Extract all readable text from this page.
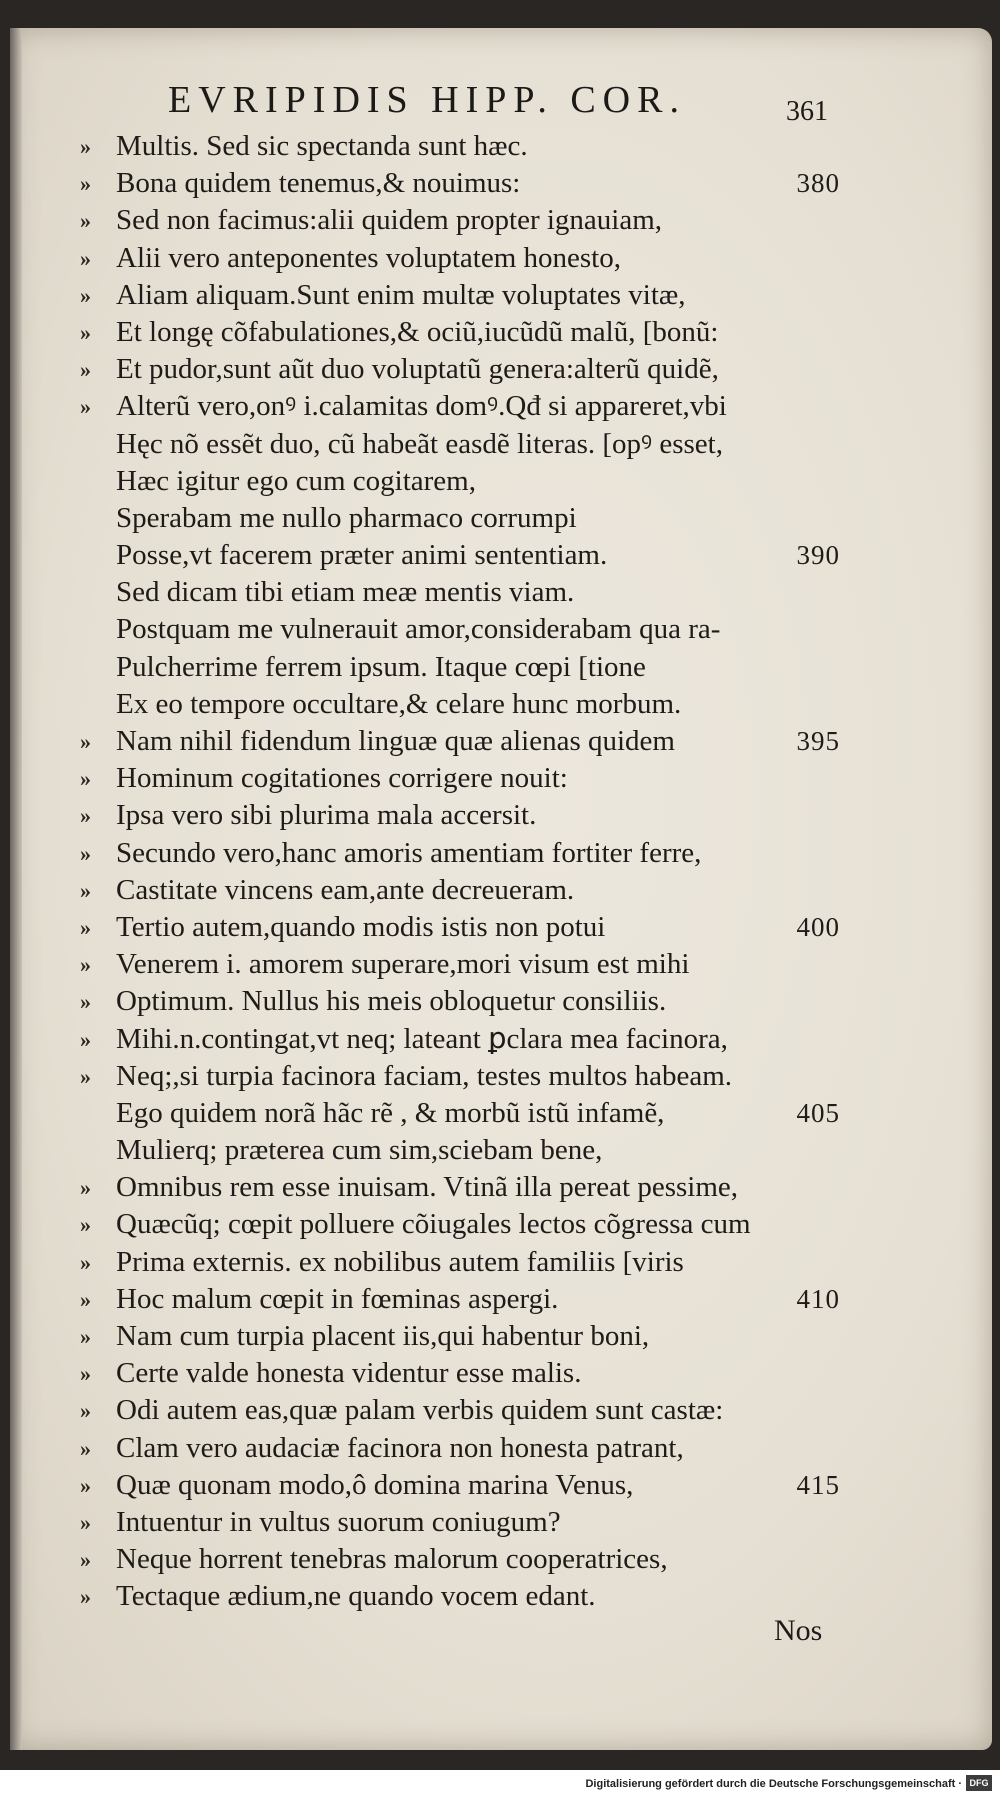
EVRIPIDIS HIPP. COR.	361
» Multis. Sed sic spectanda sunt hæc.
» Bona quidem tenemus,& nouimus:	380
» Sed non facimus:alii quidem propter ignauiam,
» Alii vero anteponentes voluptatem honesto,
» Aliam aliquam.Sunt enim multæ voluptates vitæ,
» Et longę cõfabulationes,& ociũ,iucũdũ malũ, [bonũ:
» Et pudor,sunt aũt duo voluptatũ genera:alterũ quidẽ,
» Alterũ vero,onꝰ i.calamitas domꝰ.Qđ si appareret,vbi
Hęc nõ essẽt duo, cũ habeãt easdẽ literas. [opꝰ esset,
Hæc igitur ego cum cogitarem,
Sperabam me nullo pharmaco corrumpi
Posse,vt facerem præter animi sententiam.	390
Sed dicam tibi etiam meæ mentis viam.
Postquam me vulnerauit amor,considerabam qua ra-
Pulcherrime ferrem ipsum. Itaque cœpi [tione
Ex eo tempore occultare,& celare hunc morbum.
» Nam nihil fidendum linguæ quæ alienas quidem	395
» Hominum cogitationes corrigere nouit:
» Ipsa vero sibi plurima mala accersit.
» Secundo vero,hanc amoris amentiam fortiter ferre,
» Castitate vincens eam,ante decreueram.
» Tertio autem,quando modis istis non potui	400
» Venerem i. amorem superare,mori visum est mihi
» Optimum. Nullus his meis obloquetur consiliis.
» Mihi.n.contingat,vt neq; lateant ꝑclara mea facinora,
» Neq;,si turpia facinora faciam, testes multos habeam.
Ego quidem norã hãc rẽ , & morbũ istũ infamẽ,	405
Mulierq; præterea cum sim,sciebam bene,
» Omnibus rem esse inuisam. Vtinã illa pereat pessime,
» Quæcũq; cœpit polluere cõiugales lectos cõgressa cum
» Prima externis. ex nobilibus autem familiis [viris
» Hoc malum cœpit in fœminas aspergi.	410
» Nam cum turpia placent iis,qui habentur boni,
» Certe valde honesta videntur esse malis.
» Odi autem eas,quæ palam verbis quidem sunt castæ:
» Clam vero audaciæ facinora non honesta patrant,
» Quæ quonam modo,ô domina marina Venus,	415
» Intuentur in vultus suorum coniugum?
» Neque horrent tenebras malorum cooperatrices,
» Tectaque ædium,ne quando vocem edant.
Nos
Digitalisierung gefördert durch die Deutsche Forschungsgemeinschaft · DFG
